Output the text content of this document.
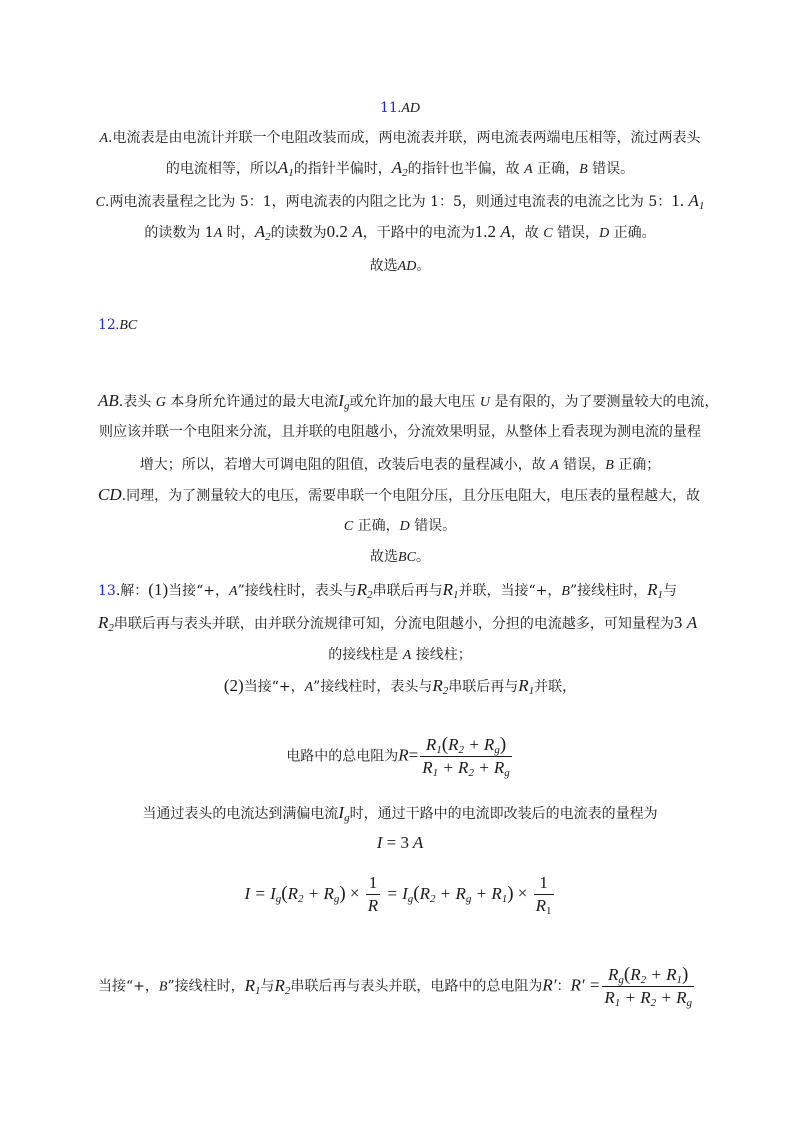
11.AD
A.电流表是由电流计并联一个电阻改装而成，两电流表并联，两电流表两端电压相等，流过两表头
的电流相等，所以$A_1$的指针半偏时，$A_2$的指针也半偏，故 A 正确，B 错误。
C.两电流表量程之比为 5：1，两电流表的内阻之比为 1：5，则通过电流表的电流之比为 5：1. $A_1$
的读数为 1A 时，$A_2$的读数为0.2 A，干路中的电流为1.2 A，故 C 错误，D 正确。
故选AD。
12.BC
AB.表头 G 本身所允许通过的最大电流$I_g$或允许加的最大电压 U 是有限的，为了要测量较大的电流，
则应该并联一个电阻来分流，且并联的电阻越小，分流效果明显，从整体上看表现为测电流的量程
增大；所以，若增大可调电阻的阻值，改装后电表的量程减小，故 A 错误，B 正确；
CD.同理，为了测量较大的电压，需要串联一个电阻分压，且分压电阻大，电压表的量程越大，故
C 正确，D 错误。
故选BC。
13.解：(1)当接“+，A”接线柱时，表头与$R_2$串联后再与$R_1$并联，当接“+，B”接线柱时，$R_1$与
$R_2$串联后再与表头并联，由并联分流规律可知，分流电阻越小，分担的电流越多，可知量程为3 A
的接线柱是 A 接线柱；
(2)当接“+，A”接线柱时，表头与$R_2$串联后再与$R_1$并联，
电路中的总电阻为$R= \frac{R_1(R_2 + R_g)}{R_1 + R_2 + R_g}$
当通过表头的电流达到满偏电流$I_g$时，通过干路中的电流即改装后的电流表的量程为
I = 3 A
$I = I_g(R_2 + R_g) \times \frac{1}{R} = I_g(R_2 + R_g + R_1) \times \frac{1}{R_1}$
当接“+，B”接线柱时，$R_1$与$R_2$串联后再与表头并联，电路中的总电阻为R′：$R' = \frac{R_g(R_2 + R_1)}{R_1 + R_2 + R_g}$
